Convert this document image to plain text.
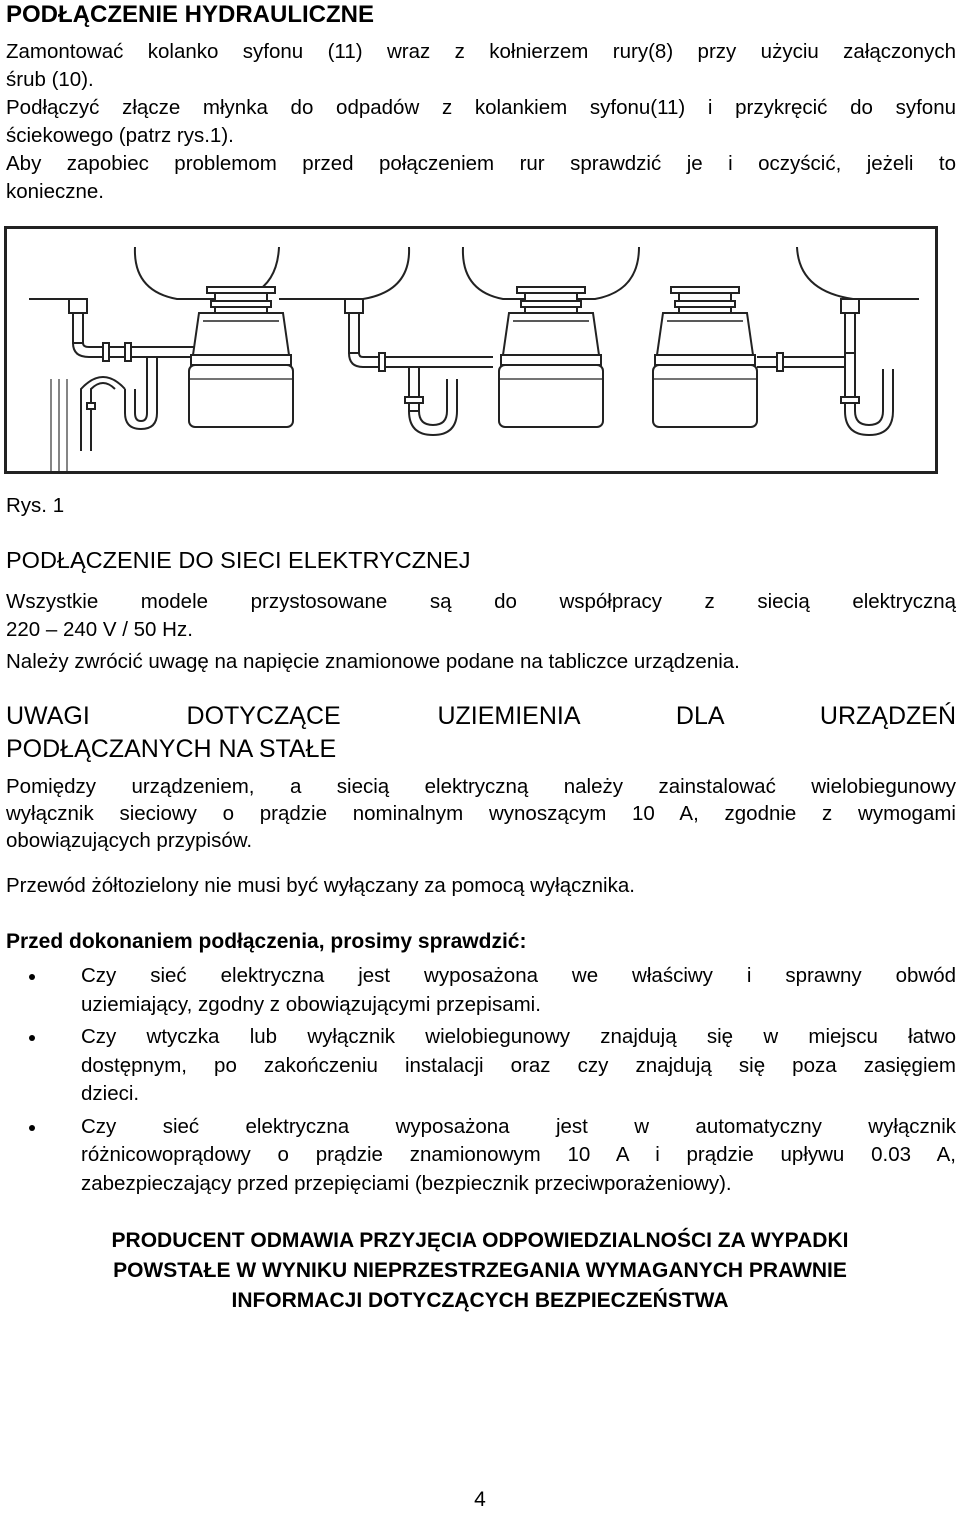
PODŁĄCZENIE HYDRAULICZNE
Zamontować kolanko syfonu (11) wraz z kołnierzem rury(8) przy użyciu załączonych
śrub (10).
Podłączyć złącze młynka do odpadów z kolankiem syfonu(11) i przykręcić do syfonu
ściekowego (patrz rys.1).
Aby zapobiec problemom przed połączeniem rur sprawdzić je i oczyścić, jeżeli to
konieczne.
Rys. 1
PODŁĄCZENIE DO SIECI ELEKTRYCZNEJ
Wszystkie modele przystosowane są do współpracy z siecią elektryczną
220 – 240 V / 50 Hz.
Należy zwrócić uwagę na napięcie znamionowe podane na tabliczce urządzenia.
UWAGI DOTYCZĄCE UZIEMIENIA DLA URZĄDZEŃ
PODŁĄCZANYCH NA STAŁE
Pomiędzy urządzeniem, a siecią elektryczną należy zainstalować wielobiegunowy
wyłącznik sieciowy o prądzie nominalnym wynoszącym 10 A, zgodnie z wymogami
obowiązujących przypisów.
Przewód żółtozielony nie musi być wyłączany za pomocą wyłącznika.
Przed dokonaniem podłączenia, prosimy sprawdzić:
Czy sieć elektryczna jest wyposażona we właściwy i sprawny obwód
uziemiający, zgodny z obowiązującymi przepisami.
Czy wtyczka lub wyłącznik wielobiegunowy znajdują się w miejscu łatwo
dostępnym, po zakończeniu instalacji oraz czy znajdują się poza zasięgiem
dzieci.
Czy sieć elektryczna wyposażona jest w automatyczny wyłącznik
różnicowoprądowy o prądzie znamionowym 10 A i prądzie upływu 0.03 A,
zabezpieczający przed przepięciami (bezpiecznik przeciwporażeniowy).
PRODUCENT ODMAWIA PRZYJĘCIA ODPOWIEDZIALNOŚCI ZA WYPADKI
POWSTAŁE W WYNIKU NIEPRZESTRZEGANIA WYMAGANYCH PRAWNIE
INFORMACJI DOTYCZĄCYCH BEZPIECZEŃSTWA
4
